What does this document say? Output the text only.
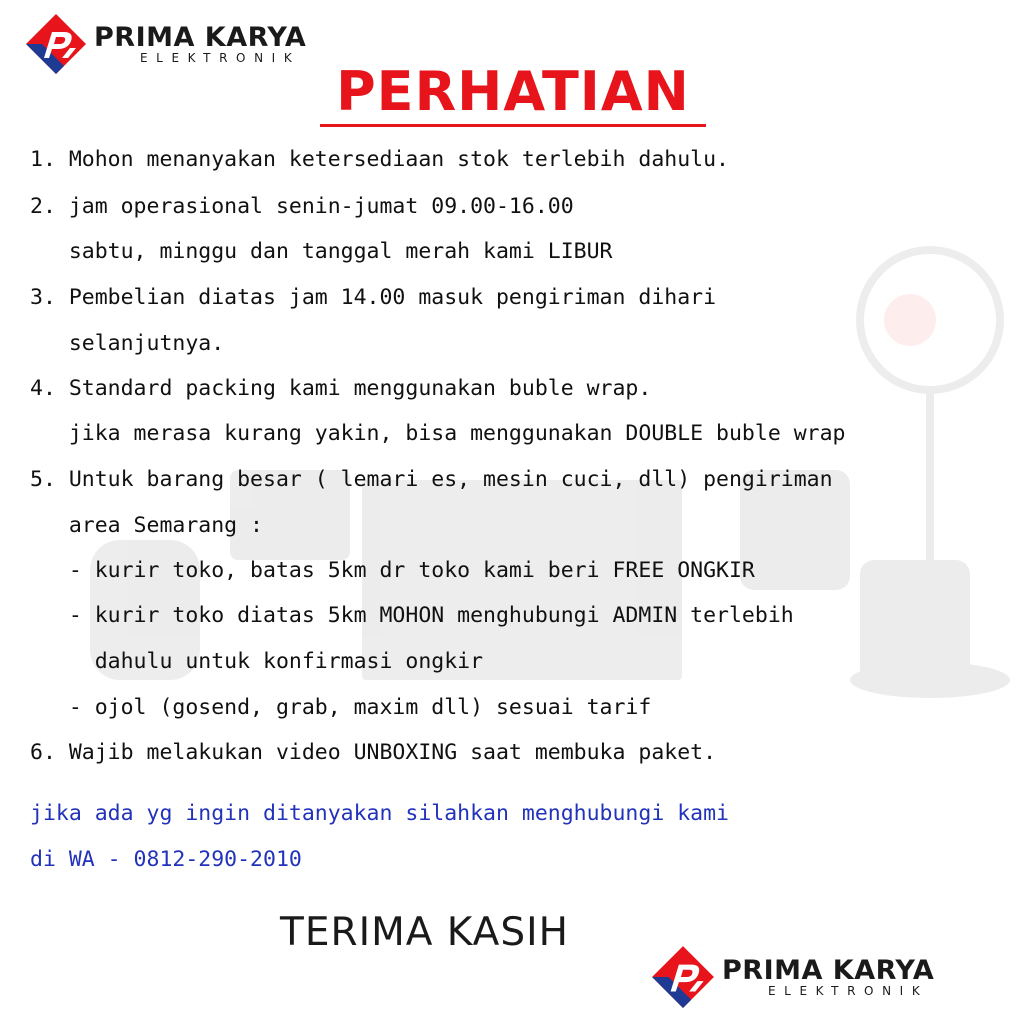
PRIMA KARYA
ELEKTRONIK
PERHATIAN
1. Mohon menanyakan ketersediaan stok terlebih dahulu.
2. jam operasional senin-jumat 09.00-16.00
sabtu, minggu dan tanggal merah kami LIBUR
3. Pembelian diatas jam 14.00 masuk pengiriman dihari
selanjutnya.
4. Standard packing kami menggunakan buble wrap.
jika merasa kurang yakin, bisa menggunakan DOUBLE buble wrap
5. Untuk barang besar ( lemari es, mesin cuci, dll) pengiriman
area Semarang :
- kurir toko, batas 5km dr toko kami beri FREE ONGKIR
- kurir toko diatas 5km MOHON menghubungi ADMIN terlebih
dahulu untuk konfirmasi ongkir
- ojol (gosend, grab, maxim dll) sesuai tarif
6. Wajib melakukan video UNBOXING saat membuka paket.
jika ada yg ingin ditanyakan silahkan menghubungi kami
di WA - 0812-290-2010
TERIMA KASIH
PRIMA KARYA
ELEKTRONIK
